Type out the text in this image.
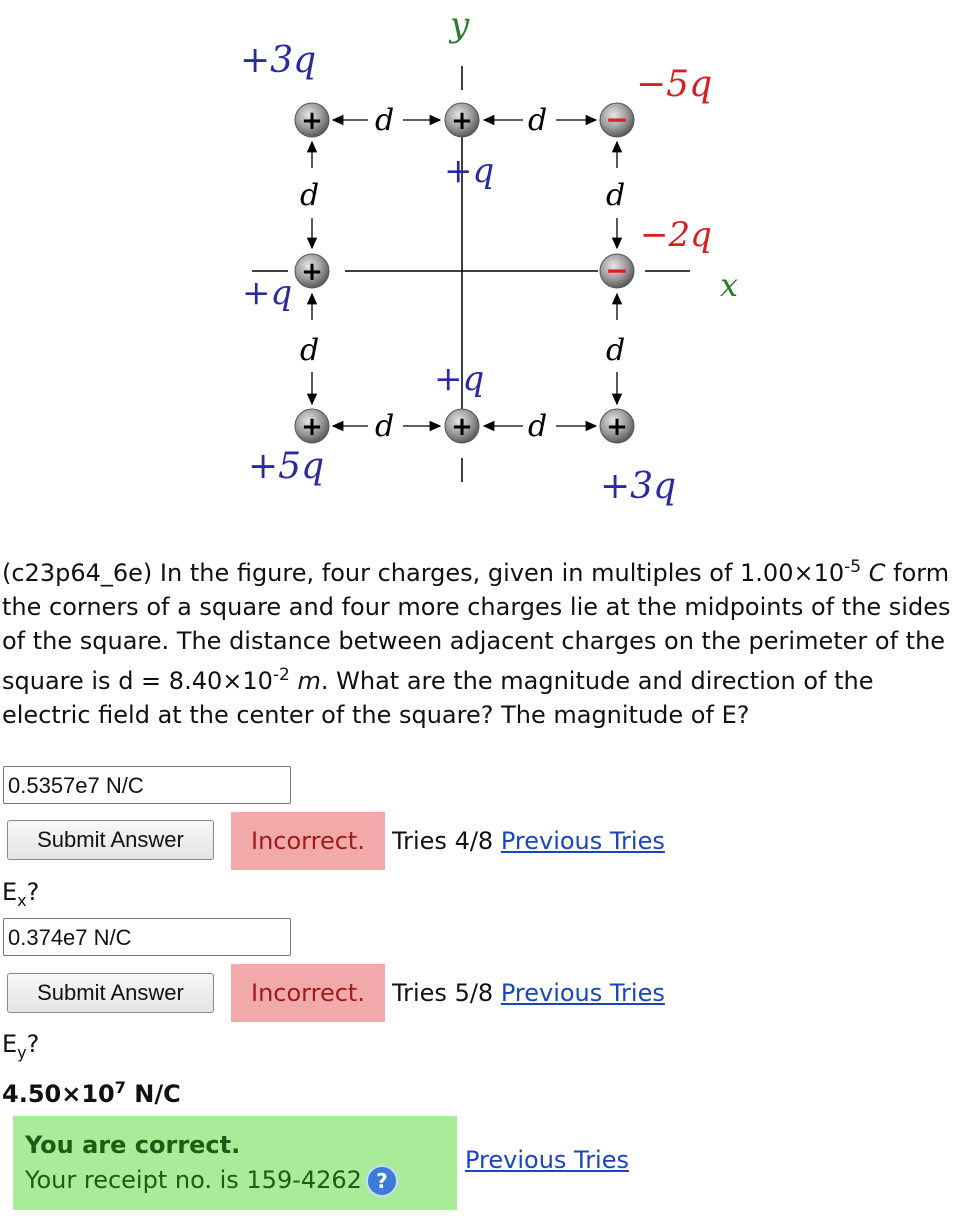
d	d
d	d
d	d
d	d
y
x
+	+	−
+	−
+	+	+
+3q
−5q
+q
−2q
+q
+q
+5q	+3q
(c23p64_6e) In the figure, four charges, given in multiples of $1.00\times 10^{-5}$ C form the corners of a square and four more charges lie at the midpoints of the sides of the square. The distance between adjacent charges on the perimeter of the square is $d = 8.40\times 10^{-2}$ m. What are the magnitude and direction of the electric field at the center of the square? The magnitude of E?
0.5357e7 N/C
Submit Answer	Incorrect.	Tries 4/8 Previous Tries
$E_x$?
0.374e7 N/C
Submit Answer	Incorrect.	Tries 5/8 Previous Tries
$E_y$?
$4.50\times 10^7$ N/C
You are correct.
Your receipt no. is 159-4262 ?
Previous Tries
